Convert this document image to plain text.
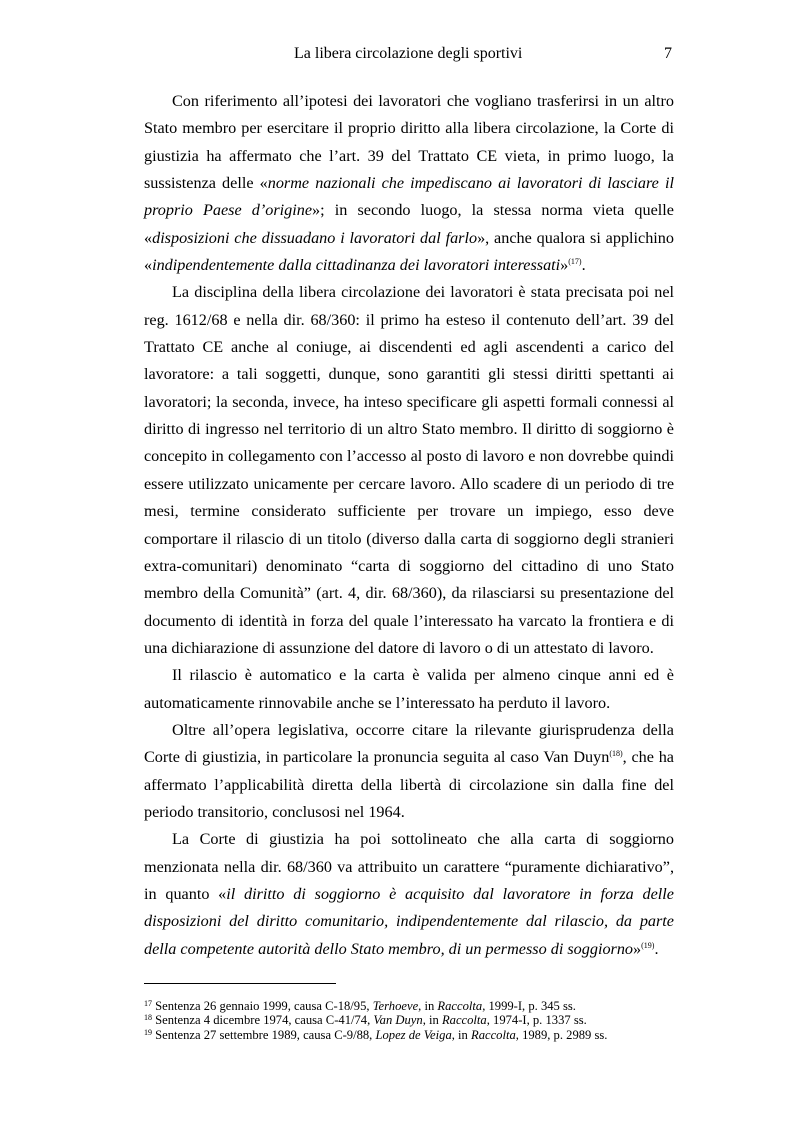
La libera circolazione degli sportivi	7

Con riferimento all’ipotesi dei lavoratori che vogliano trasferirsi in un altro Stato membro per esercitare il proprio diritto alla libera circolazione, la Corte di giustizia ha affermato che l’art. 39 del Trattato CE vieta, in primo luogo, la sussistenza delle «norme nazionali che impediscano ai lavoratori di lasciare il proprio Paese d’origine»; in secondo luogo, la stessa norma vieta quelle «disposizioni che dissuadano i lavoratori dal farlo», anche qualora si applichino «indipendentemente dalla cittadinanza dei lavoratori interessati»$^{(17)}$.

La disciplina della libera circolazione dei lavoratori è stata precisata poi nel reg. 1612/68 e nella dir. 68/360: il primo ha esteso il contenuto dell’art. 39 del Trattato CE anche al coniuge, ai discendenti ed agli ascendenti a carico del lavoratore: a tali soggetti, dunque, sono garantiti gli stessi diritti spettanti ai lavoratori; la seconda, invece, ha inteso specificare gli aspetti formali connessi al diritto di ingresso nel territorio di un altro Stato membro. Il diritto di soggiorno è concepito in collegamento con l’accesso al posto di lavoro e non dovrebbe quindi essere utilizzato unicamente per cercare lavoro. Allo scadere di un periodo di tre mesi, termine considerato sufficiente per trovare un impiego, esso deve comportare il rilascio di un titolo (diverso dalla carta di soggiorno degli stranieri extra-comunitari) denominato “carta di soggiorno del cittadino di uno Stato membro della Comunità” (art. 4, dir. 68/360), da rilasciarsi su presentazione del documento di identità in forza del quale l’interessato ha varcato la frontiera e di una dichiarazione di assunzione del datore di lavoro o di un attestato di lavoro.

Il rilascio è automatico e la carta è valida per almeno cinque anni ed è automaticamente rinnovabile anche se l’interessato ha perduto il lavoro.

Oltre all’opera legislativa, occorre citare la rilevante giurisprudenza della Corte di giustizia, in particolare la pronuncia seguita al caso Van Duyn$^{(18)}$, che ha affermato l’applicabilità diretta della libertà di circolazione sin dalla fine del periodo transitorio, conclusosi nel 1964.

La Corte di giustizia ha poi sottolineato che alla carta di soggiorno menzionata nella dir. 68/360 va attribuito un carattere “puramente dichiarativo”, in quanto «il diritto di soggiorno è acquisito dal lavoratore in forza delle disposizioni del diritto comunitario, indipendentemente dal rilascio, da parte della competente autorità dello Stato membro, di un permesso di soggiorno»$^{(19)}$.

$^{17}$ Sentenza 26 gennaio 1999, causa C-18/95, Terhoeve, in Raccolta, 1999-I, p. 345 ss.
$^{18}$ Sentenza 4 dicembre 1974, causa C-41/74, Van Duyn, in Raccolta, 1974-I, p. 1337 ss.
$^{19}$ Sentenza 27 settembre 1989, causa C-9/88, Lopez de Veiga, in Raccolta, 1989, p. 2989 ss.
